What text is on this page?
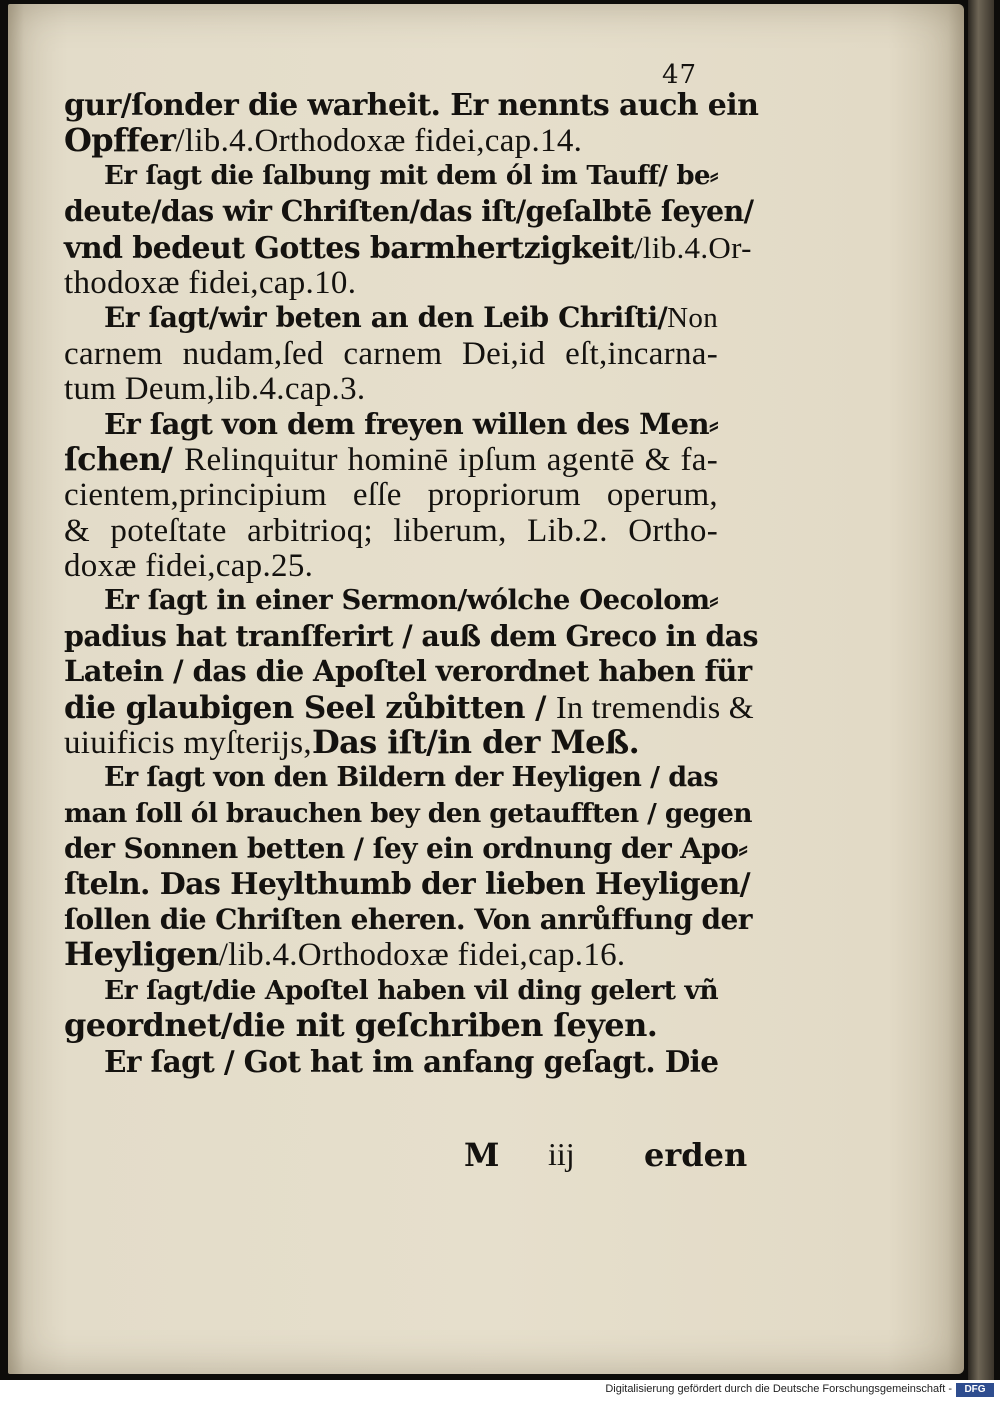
47
gur/ſonder die warheit. Er nennts auch ein
Opffer/lib.4.Orthodoxæ fidei,cap.14.
Er ſagt die ſalbung mit dem ól im Tauff/ be⸗
deute/das wir Chriſten/das iſt/geſalbtē ſeyen/
vnd bedeut Gottes barmhertzigkeit/lib.4.Or-
thodoxæ fidei,cap.10.
Er ſagt/wir beten an den Leib Chriſti/Non
carnem nudam,ſed carnem Dei,id eſt,incarna-
tum Deum,lib.4.cap.3.
Er ſagt von dem freyen willen des Men⸗
ſchen/ Relinquitur hominē ipſum agentē & fa-
cientem,principium eſſe propriorum operum,
& poteſtate arbitrioq; liberum, Lib.2. Ortho-
doxæ fidei,cap.25.
Er ſagt in einer Sermon/wólche Oecolom⸗
padius hat tranſferirt / auß dem Greco in das
Latein / das die Apoſtel verordnet haben für
die glaubigen Seel zůbitten / In tremendis &
uiuificis myſterijs,Das iſt/in der Meß.
Er ſagt von den Bildern der Heyligen / das
man ſoll ól brauchen bey den getaufften / gegen
der Sonnen betten / ſey ein ordnung der Apo⸗
ſteln. Das Heylthumb der lieben Heyligen/
ſollen die Chriſten eheren. Von anrůffung der
Heyligen/lib.4.Orthodoxæ fidei,cap.16.
Er ſagt/die Apoſtel haben vil ding gelert vñ
geordnet/die nit geſchriben ſeyen.
Er ſagt / Got hat im anfang geſagt. Die
M iij erden
Digitalisierung gefördert durch die Deutsche Forschungsgemeinschaft -	DFG
